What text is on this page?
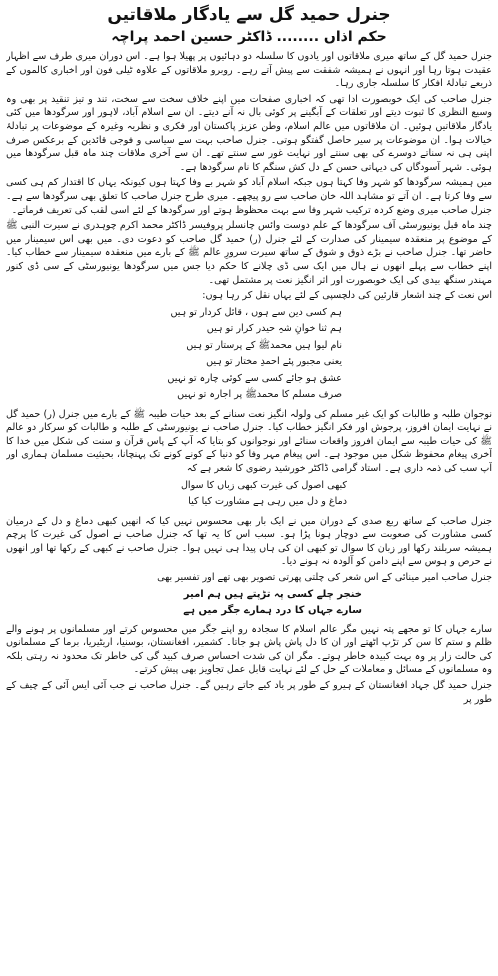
جنرل حمید گل سے یادگار ملاقاتیں
حکم اذاں ........ ڈاکٹر حسین احمد پراچہ

جنرل حمید گل کے ساتھ میری ملاقاتوں اور یادوں کا سلسلہ دو دہائیوں پر پھیلا ہوا ہے۔ اس دوران میری طرف سے اظہار عقیدت ہوتا رہا اور انہوں نے ہمیشہ شفقت سے پیش آتے رہے۔ روبرو ملاقاتوں کے علاوہ ٹیلی فون اور اخباری کالموں کے ذریعے تبادلۂ افکار کا سلسلہ جاری رہا۔

جنرل صاحب کی ایک خوبصورت ادا تھی کہ اخباری صفحات میں اپنے خلاف سخت سے سخت، تند و تیز تنقید پر بھی وہ وسیع النظری کا ثبوت دیتے اور تعلقات کے آبگینے پر کوئی بال نہ آنے دیتے۔ ان سے اسلام آباد، لاہور اور سرگودھا میں کئی یادگار ملاقاتیں ہوئیں۔ ان ملاقاتوں میں عالم اسلام، وطن عزیز پاکستان اور فکری و نظریہ وغیرہ کے موضوعات پر تبادلۂ خیالات ہوا۔ ان موضوعات پر سیر حاصل گفتگو ہوتی۔ جنرل صاحب بہت سے سیاسی و فوجی قائدین کے برعکس صرف اپنی ہی نہ سناتے دوسرے کی بھی سنتے اور نہایت غور سے سنتے تھے۔ ان سے آخری ملاقات چند ماہ قبل سرگودھا میں ہوئی۔ شہر آسودگاں کی دیہاتی حسن کے دل کش سنگم کا نام سرگودھا ہے۔

میں ہمیشہ سرگودھا کو شہر وفا کہتا ہوں جبکہ اسلام آباد کو شہر بے وفا کہتا ہوں کیونکہ یہاں کا اقتدار کم ہی کسی سے وفا کرتا ہے۔ ان آتے تو مشاہد اللہ خان صاحب سے رو پیچھے۔ میری طرح جنرل صاحب کا تعلق بھی سرگودھا سے ہے۔ جنرل صاحب میری وضع کردہ ترکیب شہر وفا سے بہت محظوظ ہوتے اور سرگودھا کے لئے اسی لقب کی تعریف فرماتے۔

چند ماہ قبل یونیورسٹی آف سرگودھا کے علم دوست وائس چانسلر پروفیسر ڈاکٹر محمد اکرم چوہدری نے سیرت النبی ﷺ کے موضوع پر منعقدہ سیمینار کی صدارت کے لئے جنرل (ر) حمید گل صاحب کو دعوت دی۔ میں بھی اس سیمینار میں حاضر تھا۔ جنرل صاحب نے بڑے ذوق و شوق کے ساتھ سیرت سرورِ عالم ﷺ کے بارے میں منعقدہ سیمینار سے خطاب کیا۔ اپنے خطاب سے پہلے انھوں نے ہال میں ایک سی ڈی چلانے کا حکم دیا جس میں سرگودھا یونیورسٹی کے سی ڈی کنور مہندر سنگھ بیدی کی ایک خوبصورت اور اثر انگیز نعت پر مشتمل تھی۔

اس نعت کے چند اشعار قارئین کی دلچسپی کے لئے یہاں نقل کر رہا ہوں:

ہم کسی دین سے ہوں ، قائل کردار تو ہیں
ہم ثنا خوانِ شہِ حیدر کرار تو ہیں
نام لیوا ہیں محمدﷺ کے پرستار تو ہیں
یعنی مجبور پئے احمدِ مختار تو ہیں
عشق ہو جائے کسی سے کوئی چارہ تو نہیں
صرف مسلم کا محمدﷺ پر اجارہ تو نہیں

نوجوان طلبہ و طالبات کو ایک غیر مسلم کی ولولہ انگیز نعت سنانے کے بعد حیات طیبہ ﷺ کے بارے میں جنرل (ر) حمید گل نے نہایت ایمان افروز، پرجوش اور فکر انگیز خطاب کیا۔ جنرل صاحب نے یونیورسٹی کے طلبہ و طالبات کو سرکار دو عالم ﷺ کی حیات طیبہ سے ایمان افروز واقعات سنائے اور نوجوانوں کو بتایا کہ آپ کے پاس قرآن و سنت کی شکل میں خدا کا آخری پیغام محفوظ شکل میں موجود ہے۔ اس پیغام مہر وفا کو دنیا کے کونے کونے تک پہنچانا، بحیثیت مسلمان ہماری اور آپ سب کی ذمہ داری ہے۔ استاد گرامی ڈاکٹر خورشید رضوی کا شعر ہے کہ

کبھی اصول کی غیرت کبھی زباں کا سوال
دماغ و دل میں رہی ہے مشاورت کیا کیا

جنرل صاحب کے ساتھ ربع صدی کے دوران میں نے ایک بار بھی محسوس نہیں کیا کہ انھیں کبھی دماغ و دل کے درمیان کسی مشاورت کی صعوبت سے دوچار ہونا پڑا ہو۔ سبب اس کا یہ تھا کہ جنرل صاحب نے اصول کی غیرت کا پرچم ہمیشہ سربلند رکھا اور زبان کا سوال تو کبھی ان کی ہاں پیدا ہی نہیں ہوا۔ جنرل صاحب نے کبھی کے رکھا تھا اور انھوں نے حرص و ہوس سے اپنے دامن کو آلودہ نہ ہونے دیا۔

جنرل صاحب امیر مینائی کے اس شعر کی چلتی پھرتی تصویر بھی تھے اور تفسیر بھی

خنجر چلے کسی پہ تڑپتے ہیں ہم امیر
سارے جہاں کا درد ہمارے جگر میں ہے

سارے جہاں کا تو مجھے پتہ نہیں مگر عالم اسلام کا سجادہ رو اپنے جگر میں محسوس کرتے اور مسلمانوں پر ہونے والے ظلم و ستم کا سن کر تڑپ اٹھتے اور ان کا دل پاش پاش ہو جاتا۔ کشمیر، افغانستان، بوسنیا، اریٹیریا، برما کے مسلمانوں کی حالت زار پر وہ بہت کبیدہ خاطر ہوتے۔ مگر ان کی شدت احساس صرف کبید گی کی خاطر تک محدود نہ رہتی بلکہ وہ مسلمانوں کے مسائل و معاملات کے حل کے لئے نہایت قابل عمل تجاویز بھی پیش کرتے۔

جنرل حمید گل جہاد افغانستان کے ہیرو کے طور پر یاد کیے جاتے رہیں گے۔ جنرل صاحب نے جب آئی ایس آئی کے چیف کے طور پر
